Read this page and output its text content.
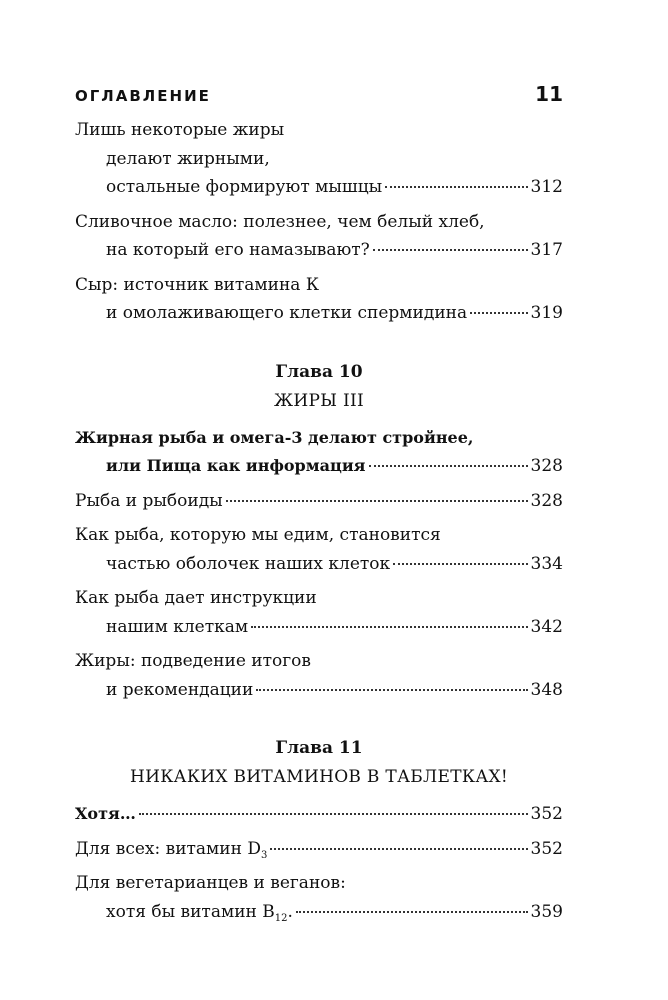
ОГЛАВЛЕНИЕ	11
Лишь некоторые жиры
делают жирными,
остальные формируют мышцы	312
Сливочное масло: полезнее, чем белый хлеб,
на который его намазывают?	317
Сыр: источник витамина К
и омолаживающего клетки спермидина	319
Глава 10
ЖИРЫ III
Жирная рыба и омега-3 делают стройнее,
или Пища как информация	328
Рыба и рыбоиды	328
Как рыба, которую мы едим, становится
частью оболочек наших клеток	334
Как рыба дает инструкции
нашим клеткам	342
Жиры: подведение итогов
и рекомендации	348
Глава 11
НИКАКИХ ВИТАМИНОВ В ТАБЛЕТКАХ!
Хотя…	352
Для всех: витамин $D_3$	352
Для вегетарианцев и веганов:
хотя бы витамин $B_{12}$.	359
